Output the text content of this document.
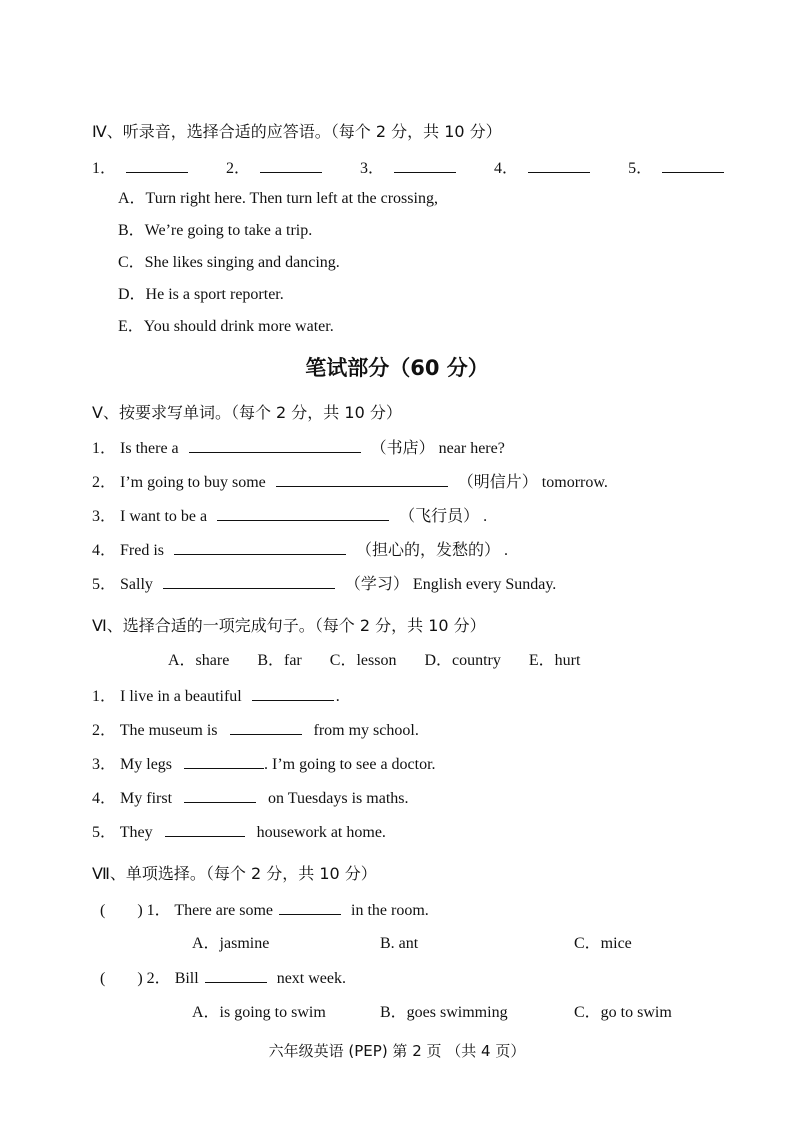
Ⅳ、听录音，选择合适的应答语。（每个 2 分，共 10 分）
1．	2．	3．	4．	5．
A．Turn right here. Then turn left at the crossing,
B．We’re going to take a trip.
C．She likes singing and dancing.
D．He is a sport reporter.
E．You should drink more water.
笔试部分（60 分）
Ⅴ、按要求写单词。（每个 2 分，共 10 分）
1． Is there a	（书店） near here?
2． I’m going to buy some	（明信片） tomorrow.
3． I want to be a	（飞行员） .
4． Fred is	（担心的，发愁的） .
5． Sally	（学习） English every Sunday.
Ⅵ、选择合适的一项完成句子。（每个 2 分，共 10 分）
A．share B．far C．lesson D．country E．hurt
1． I live in a beautiful	.
2． The museum is	from my school.
3． My legs	. I’m going to see a doctor.
4． My first	on Tuesdays is maths.
5． They	housework at home.
Ⅶ、单项选择。（每个 2 分，共 10 分）
(　　) 1． There are some	in the room.
A．jasmine	B. ant	C．mice
(　　) 2． Bill	next week.
A．is going to swim	B．goes swimming	C．go to swim
六年级英语 (PEP) 第 2 页 （共 4 页）
